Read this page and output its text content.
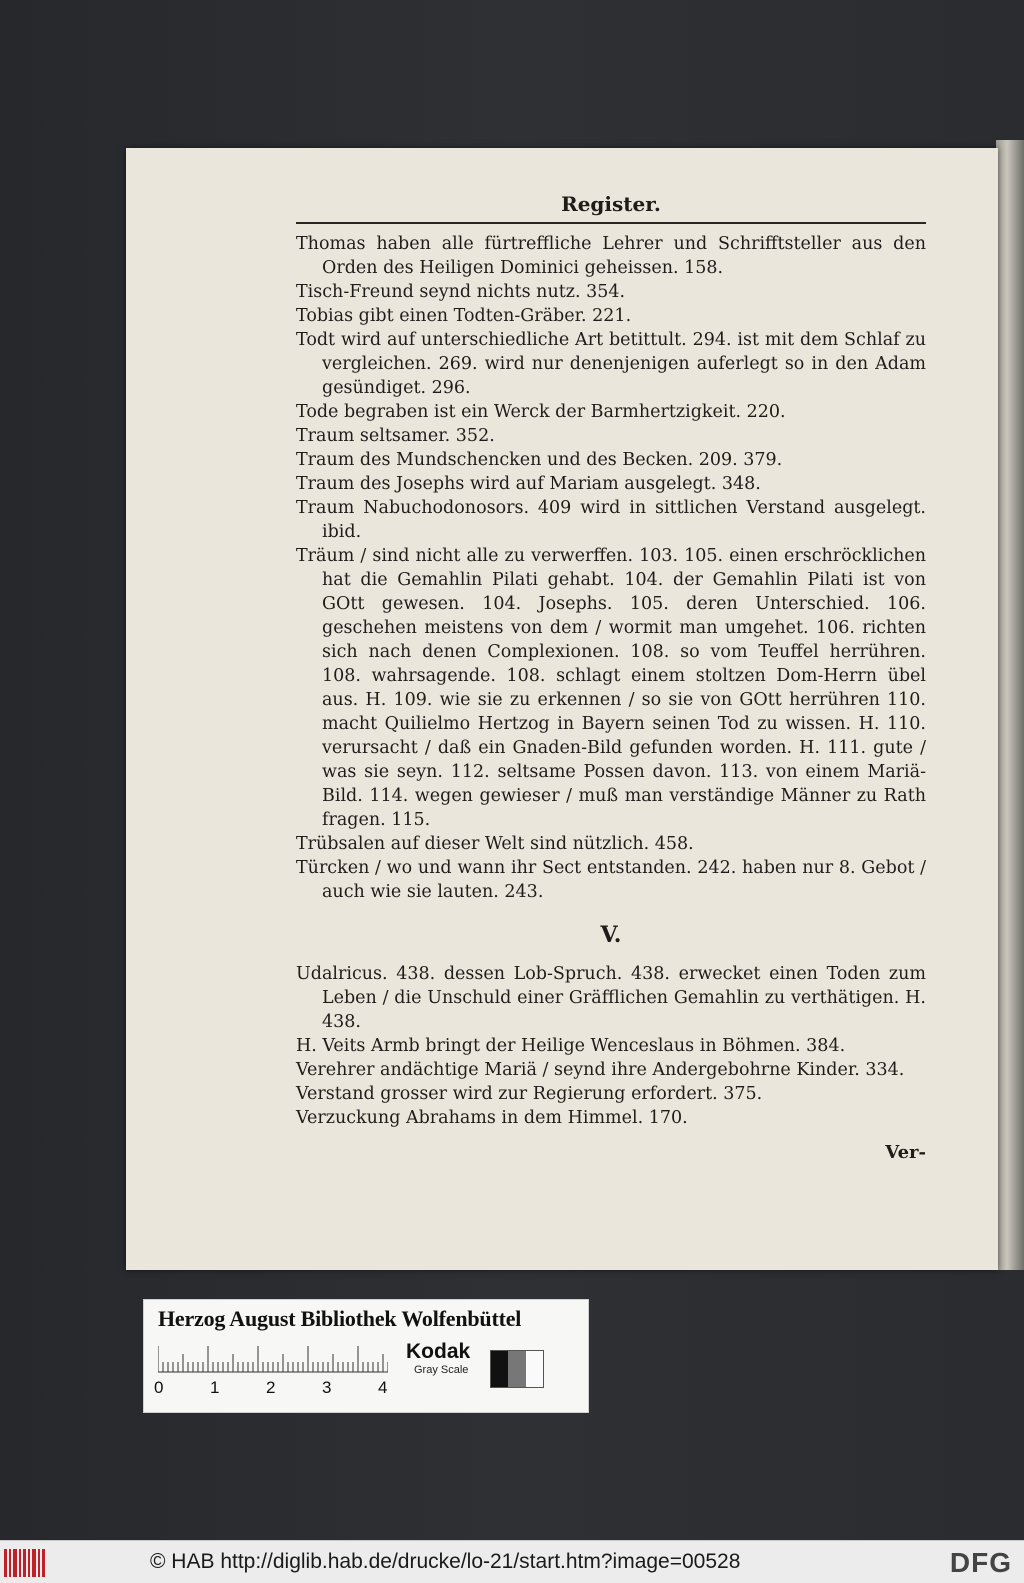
Register.

Thomas haben alle fürtreffliche Lehrer und Schrifftsteller aus den Orden des Heiligen Dominici geheissen. 158.

Tisch-Freund seynd nichts nutz. 354.

Tobias gibt einen Todten-Gräber. 221.

Todt wird auf unterschiedliche Art betittult. 294. ist mit dem Schlaf zu vergleichen. 269. wird nur denenjenigen auferlegt so in den Adam gesündiget. 296.

Tode begraben ist ein Werck der Barmhertzigkeit. 220.

Traum seltsamer. 352.

Traum des Mundschencken und des Becken. 209. 379.

Traum des Josephs wird auf Mariam ausgelegt. 348.

Traum Nabuchodonosors. 409 wird in sittlichen Verstand ausgelegt. ibid.

Träum / sind nicht alle zu verwerffen. 103. 105. einen erschröcklichen hat die Gemahlin Pilati gehabt. 104. der Gemahlin Pilati ist von GOtt gewesen. 104. Josephs. 105. deren Unterschied. 106. geschehen meistens von dem / wormit man umgehet. 106. richten sich nach denen Complexionen. 108. so vom Teuffel herrühren. 108. wahrsagende. 108. schlagt einem stoltzen Dom-Herrn übel aus. H. 109. wie sie zu erkennen / so sie von GOtt herrühren 110. macht Quilielmo Hertzog in Bayern seinen Tod zu wissen. H. 110. verursacht / daß ein Gnaden-Bild gefunden worden. H. 111. gute / was sie seyn. 112. seltsame Possen davon. 113. von einem Mariä-Bild. 114. wegen gewieser / muß man verständige Männer zu Rath fragen. 115.

Trübsalen auf dieser Welt sind nützlich. 458.

Türcken / wo und wann ihr Sect entstanden. 242. haben nur 8. Gebot / auch wie sie lauten. 243.

V.

Udalricus. 438. dessen Lob-Spruch. 438. erwecket einen Toden zum Leben / die Unschuld einer Gräfflichen Gemahlin zu verthätigen. H. 438.

H. Veits Armb bringt der Heilige Wenceslaus in Böhmen. 384.

Verehrer andächtige Mariä / seynd ihre Andergebohrne Kinder. 334.

Verstand grosser wird zur Regierung erfordert. 375.

Verzuckung Abrahams in dem Himmel. 170.

Ver-
Herzog August Bibliothek Wolfenbüttel
0	1	2	3	4
Kodak
Gray Scale
© HAB http://diglib.hab.de/drucke/lo-21/start.htm?image=00528	DFG
